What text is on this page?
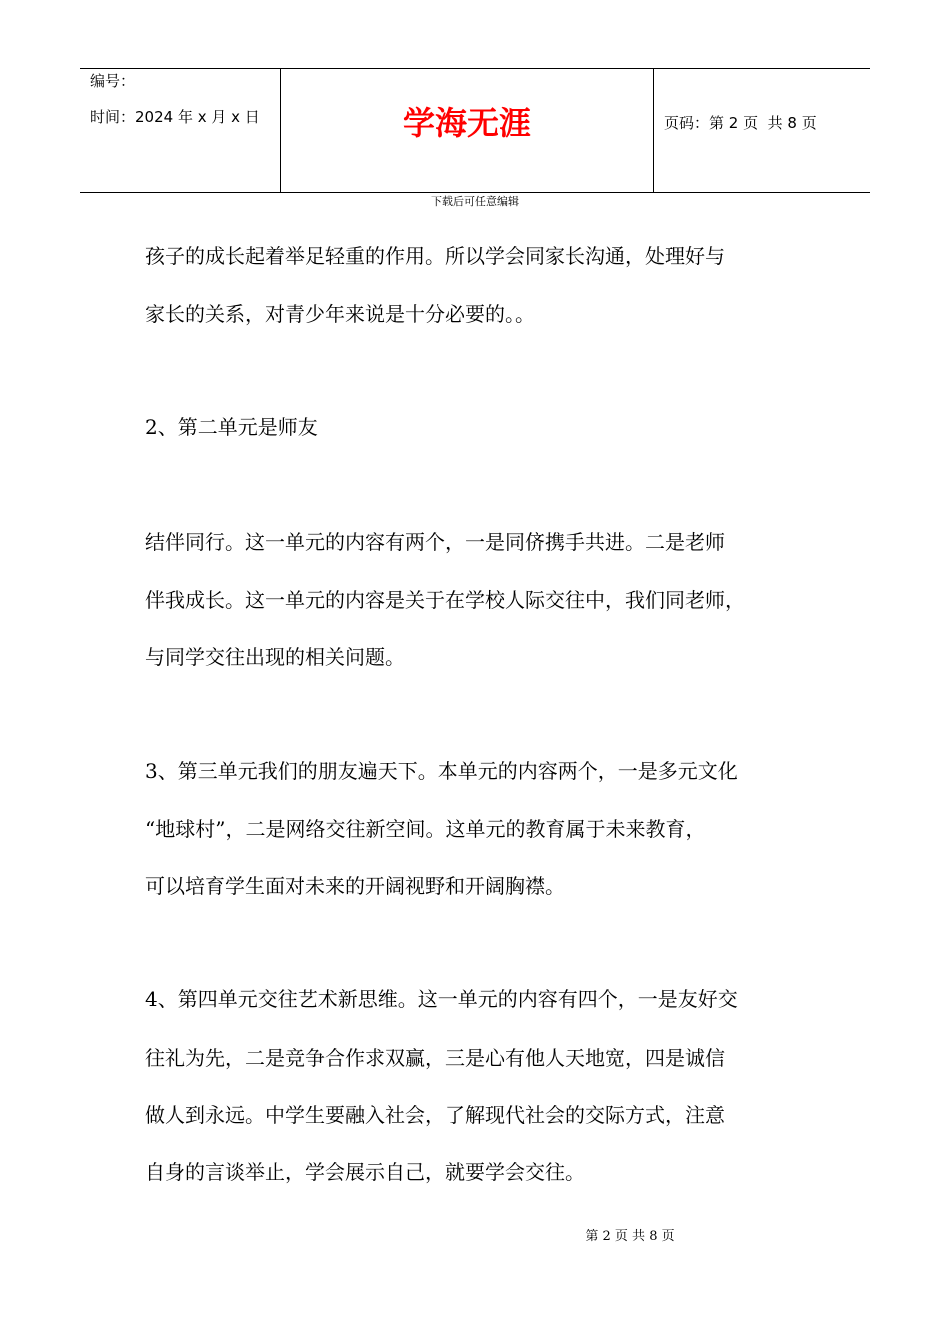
编号：
时间：2024 年 x 月 x 日	学海无涯	页码：第 2 页  共 8 页
下载后可任意编辑
孩子的成长起着举足轻重的作用。所以学会同家长沟通，处理好与
家长的关系，对青少年来说是十分必要的。。
2、第二单元是师友
结伴同行。这一单元的内容有两个，一是同侪携手共进。二是老师
伴我成长。这一单元的内容是关于在学校人际交往中，我们同老师，
与同学交往出现的相关问题。
3、第三单元我们的朋友遍天下。本单元的内容两个，一是多元文化
“地球村”，二是网络交往新空间。这单元的教育属于未来教育，
可以培育学生面对未来的开阔视野和开阔胸襟。
4、第四单元交往艺术新思维。这一单元的内容有四个，一是友好交
往礼为先，二是竞争合作求双赢，三是心有他人天地宽，四是诚信
做人到永远。中学生要融入社会，了解现代社会的交际方式，注意
自身的言谈举止，学会展示自己，就要学会交往。
第 2 页 共 8 页
